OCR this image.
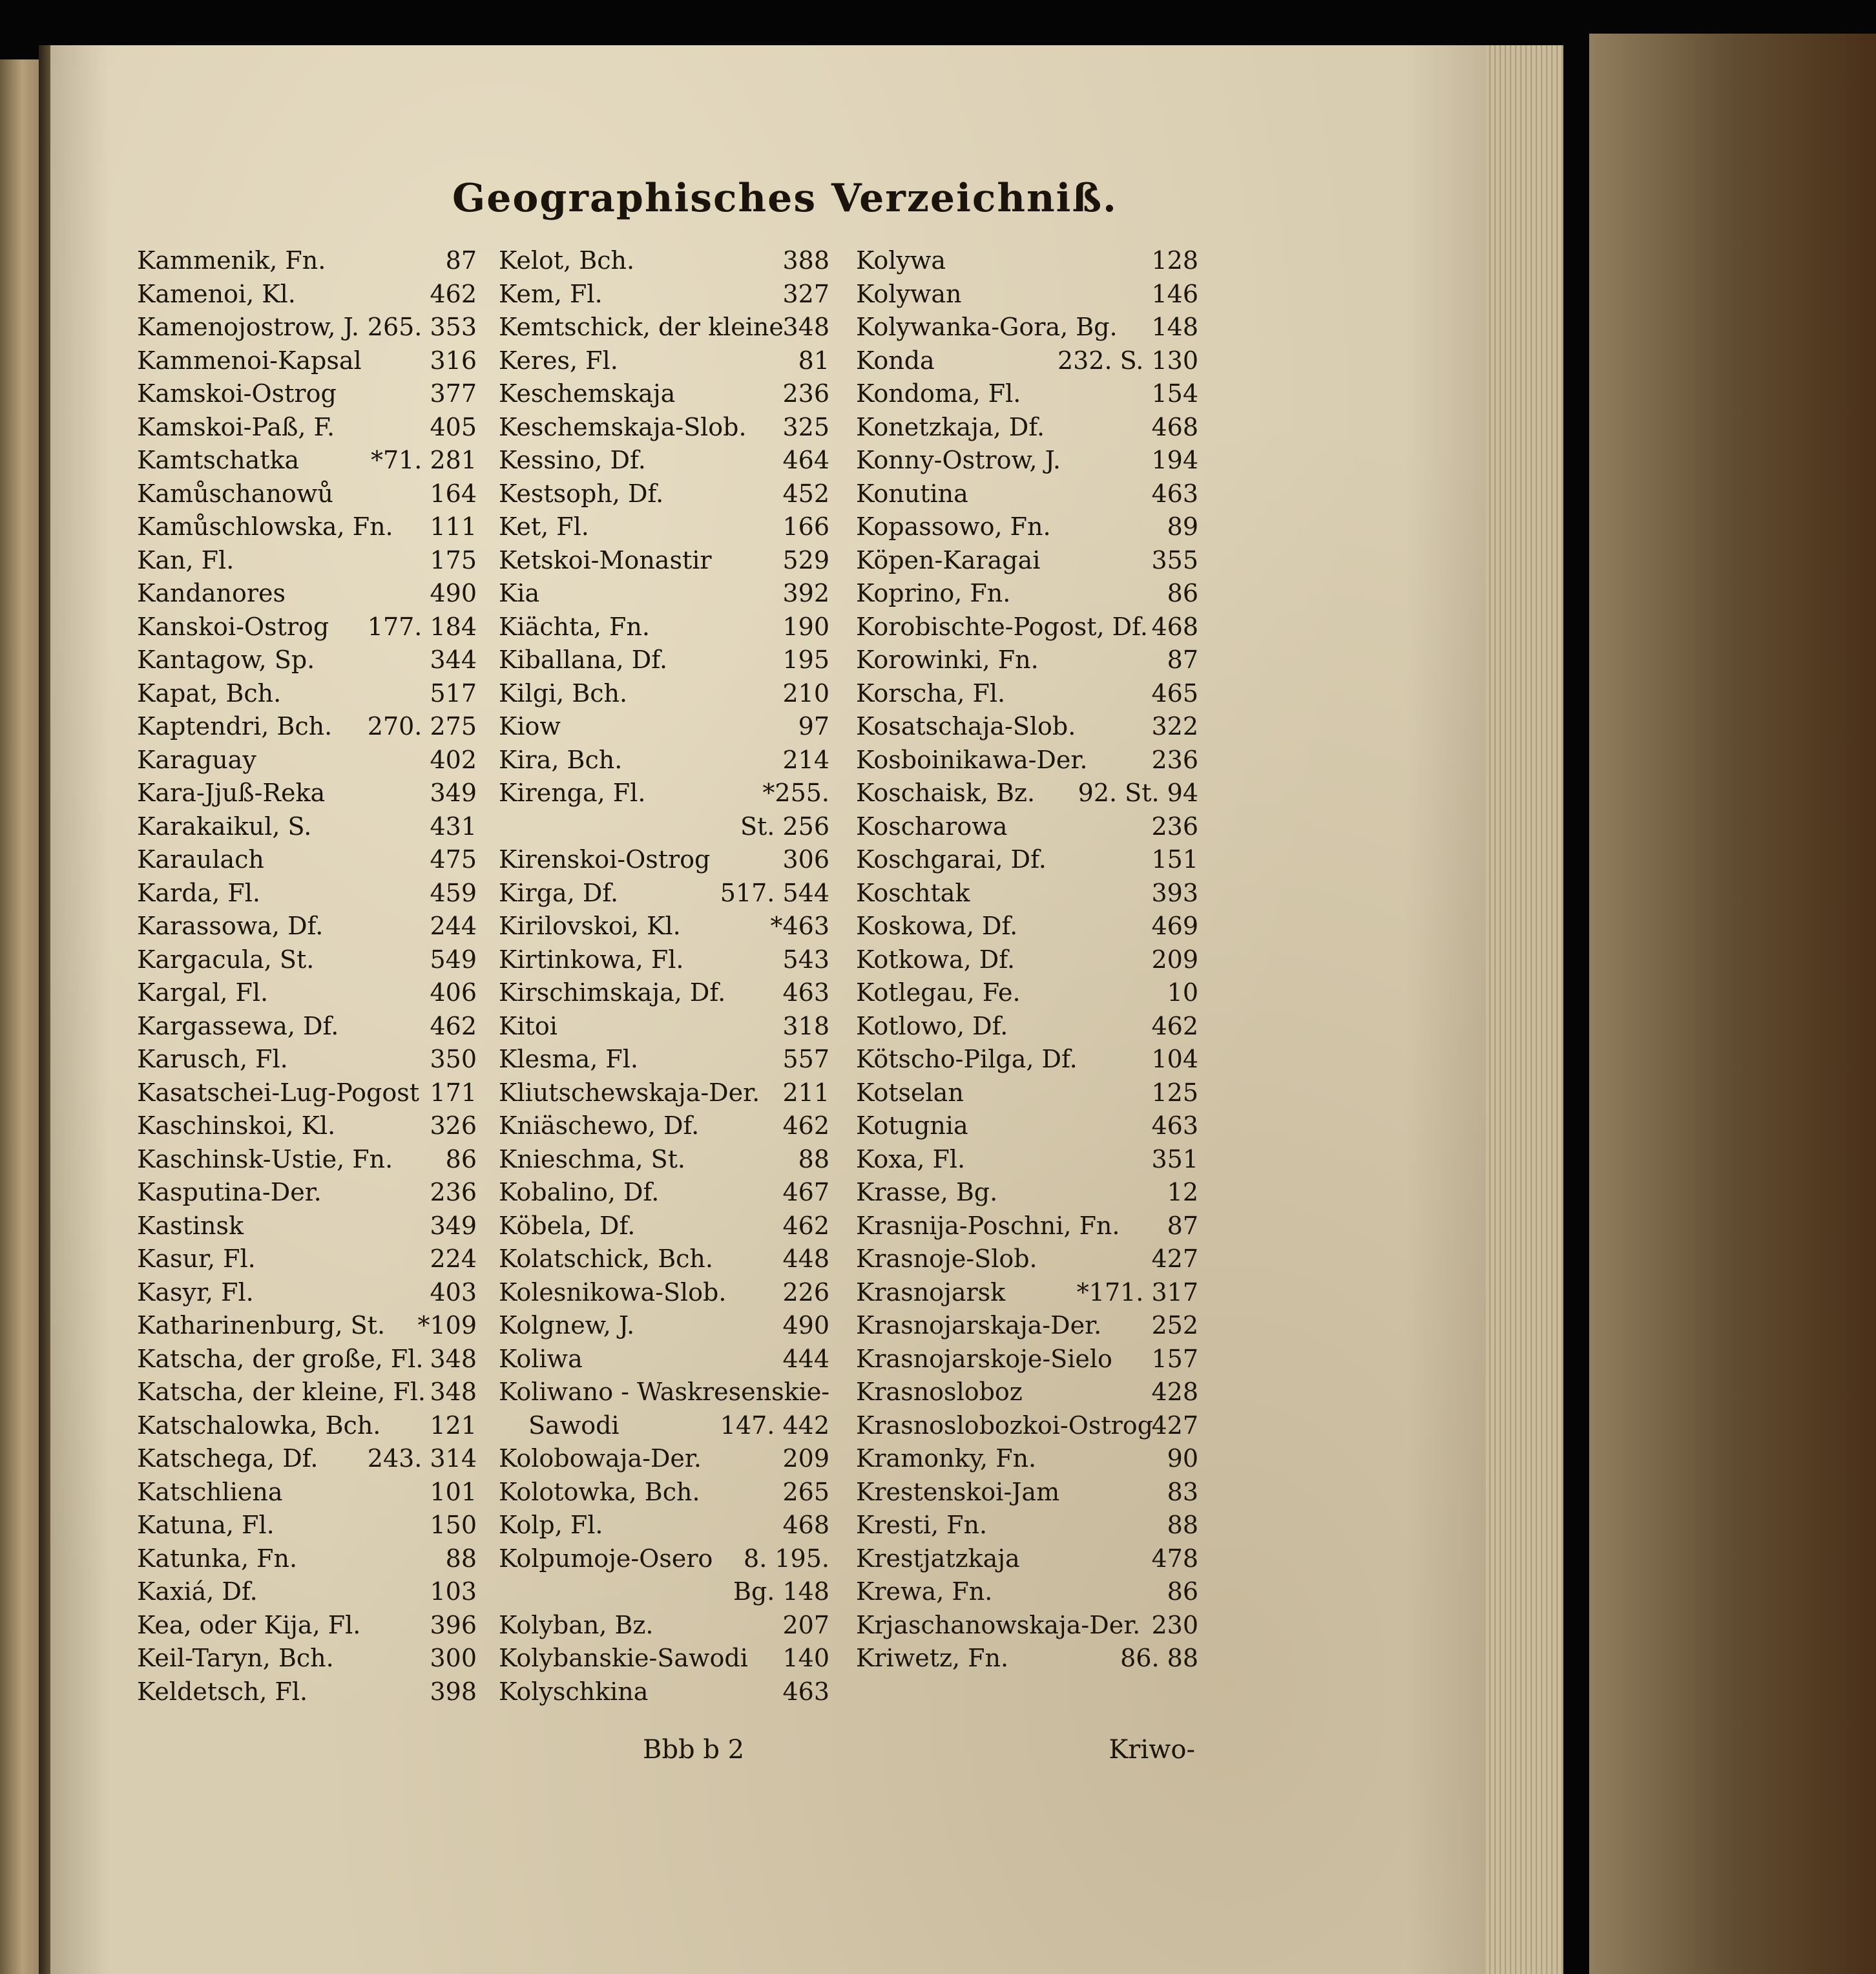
Geographisches Verzeichniß.
Kammenik, Fn.	87
Kamenoi, Kl.	462
Kamenojostrow, J. 265. 353
Kammenoi-Kapsal	316
Kamskoi-Ostrog	377
Kamskoi-Paß, F.	405
Kamtschatka	*71. 281
Kamůschanowů	164
Kamůschlowska, Fn. 111
Kan, Fl.	175
Kandanores	490
Kanskoi-Ostrog 177. 184
Kantagow, Sp.	344
Kapat, Bch.	517
Kaptendri, Bch. 270. 275
Karaguay	402
Kara-Jjuß-Reka	349
Karakaikul, S.	431
Karaulach	475
Karda, Fl.	459
Karassowa, Df.	244
Kargacula, St.	549
Kargal, Fl.	406
Kargassewa, Df.	462
Karusch, Fl.	350
Kasatschei-Lug-Pogost 171
Kaschinskoi, Kl.	326
Kaschinsk-Ustie, Fn. 86
Kasputina-Der.	236
Kastinsk	349
Kasur, Fl.	224
Kasyr, Fl.	403
Katharinenburg, St. *109
Katscha, der große, Fl. 348
Katscha, der kleine, Fl. 348
Katschalowka, Bch. 121
Katschega, Df. 243. 314
Katschliena	101
Katuna, Fl.	150
Katunka, Fn.	88
Kaxiá, Df.	103
Kea, oder Kija, Fl.	396
Keil-Taryn, Bch.	300
Keldetsch, Fl.	398
Kelot, Bch.	388
Kem, Fl.	327
Kemtschick, der kleine
348
Keres, Fl.	81
Keschemskaja	236
Keschemskaja-Slob. 325
Kessino, Df.	464
Kestsoph, Df.	452
Ket, Fl.	166
Ketskoi-Monastir	529
Kia	392
Kiächta, Fn.	190
Kiballana, Df.	195
Kilgi, Bch.	210
Kiow	97
Kira, Bch.	214
Kirenga, Fl.	*255.
St. 256
Kirenskoi-Ostrog	306
Kirga, Df.	517. 544
Kirilovskoi, Kl.	*463
Kirtinkowa, Fl.	543
Kirschimskaja, Df. 463
Kitoi	318
Klesma, Fl.	557
Kliutschewskaja-Der. 211
Kniäschewo, Df.	462
Knieschma, St.	88
Kobalino, Df.	467
Köbela, Df.	462
Kolatschick, Bch.	448
Kolesnikowa-Slob. 226
Kolgnew, J.	490
Koliwa	444
Koliwano - Waskresenskie-
Sawodi	147. 442
Kolobowaja-Der.	209
Kolotowka, Bch.	265
Kolp, Fl.	468
Kolpumoje-Osero 8. 195.
Bg. 148
Kolyban, Bz.	207
Kolybanskie-Sawodi 140
Kolyschkina	463
Kolywa	128
Kolywan	146
Kolywanka-Gora, Bg. 148
Konda	232. S. 130
Kondoma, Fl.	154
Konetzkaja, Df.	468
Konny-Ostrow, J.	194
Konutina	463
Kopassowo, Fn.	89
Köpen-Karagai	355
Koprino, Fn.	86
Korobischte-Pogost, Df. 468
Korowinki, Fn.	87
Korscha, Fl.	465
Kosatschaja-Slob.	322
Kosboinikawa-Der.	236
Koschaisk, Bz. 92. St. 94
Koscharowa	236
Koschgarai, Df.	151
Koschtak	393
Koskowa, Df.	469
Kotkowa, Df.	209
Kotlegau, Fe.	10
Kotlowo, Df.	462
Kötscho-Pilga, Df.	104
Kotselan	125
Kotugnia	463
Koxa, Fl.	351
Krasse, Bg.	12
Krasnija-Poschni, Fn. 87
Krasnoje-Slob.	427
Krasnojarsk	*171. 317
Krasnojarskaja-Der. 252
Krasnojarskoje-Sielo 157
Krasnosloboz	428
Krasnoslobozkoi-Ostrog
427
Kramonky, Fn.	90
Krestenskoi-Jam	83
Kresti, Fn.	88
Krestjatzkaja	478
Krewa, Fn.	86
Krjaschanowskaja-Der. 230
Kriwetz, Fn.	86. 88
Bbb b 2	Kriwo-
